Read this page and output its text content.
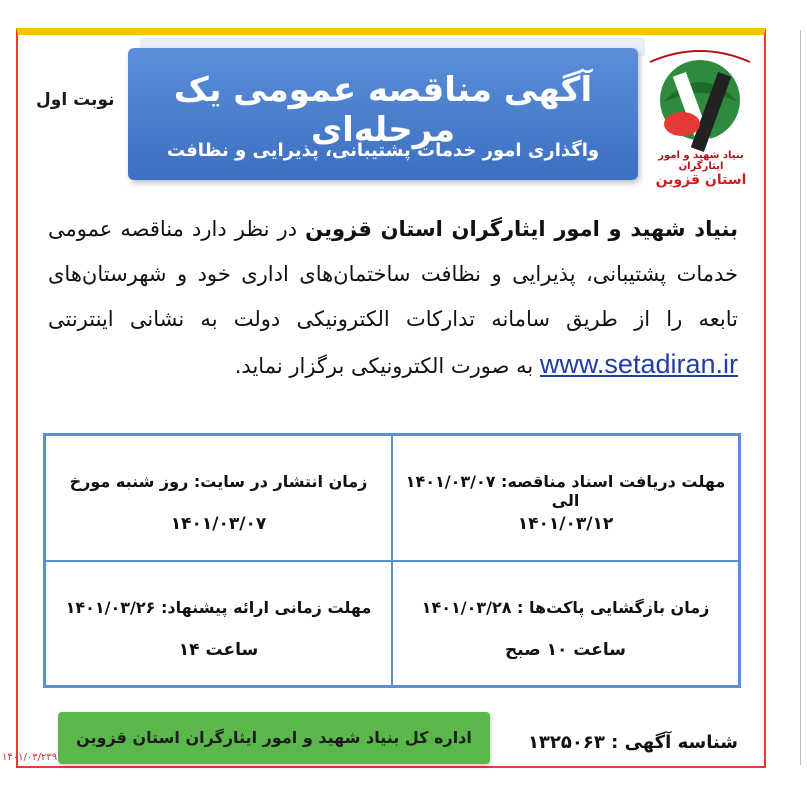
نوبت اول	آگهی مناقصه عمومی یک مرحله‌ای
واگذاری امور خدمات پشتیبانی، پذیرایی و نظافت	بنیاد شهید و امور ایثارگران
استان قزوین
بنیاد شهید و امور ایثارگران استان قزوین در نظر دارد مناقصه عمومی خدمات پشتیبانی، پذیرایی و نظافت ساختمان‌های اداری خود و شهرستان‌های تابعه را از طریق سامانه تدارکات الکترونیکی دولت به نشانی اینترنتی www.setadiran.ir به صورت الکترونیکی برگزار نماید.
زمان انتشار در سایت: روز شنبه مورخ
۱۴۰۱/۰۳/۰۷
مهلت دریافت اسناد مناقصه: ۱۴۰۱/۰۳/۰۷ الی
۱۴۰۱/۰۳/۱۲
مهلت زمانی ارائه پیشنهاد: ۱۴۰۱/۰۳/۲۶
ساعت ۱۴
زمان بازگشایی پاکت‌ها : ۱۴۰۱/۰۳/۲۸
ساعت ۱۰ صبح
شناسه آگهی : ۱۳۲۵۰۶۳
اداره کل بنیاد شهید و امور ایثارگران استان قزوین
۱۴۰۱/۰۳/۲۳۹
